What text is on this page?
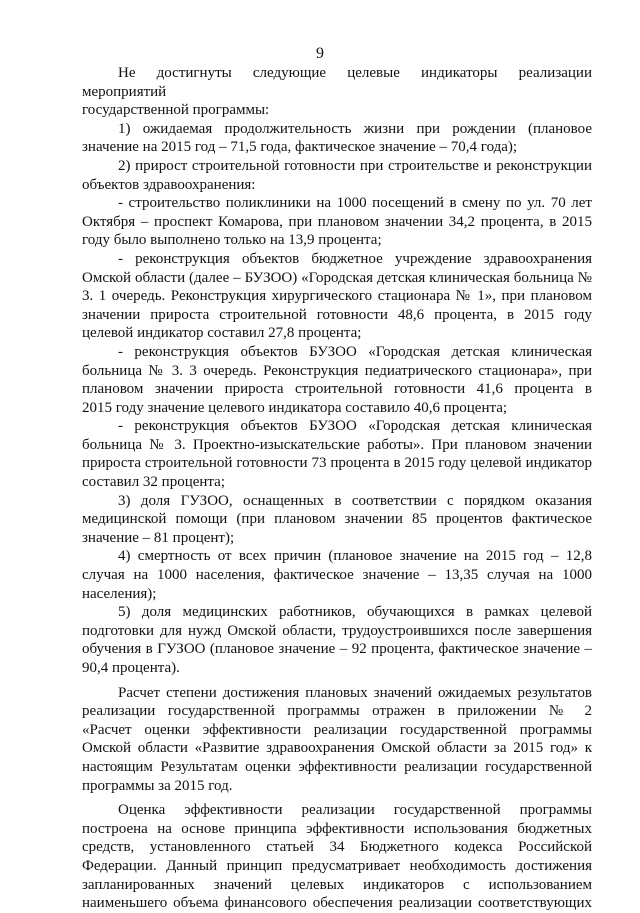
9
Не достигнуты следующие целевые индикаторы реализации мероприятий
государственной программы:
1) ожидаемая продолжительность жизни при рождении (плановое
значение на 2015 год – 71,5 года, фактическое значение – 70,4 года);
2) прирост строительной готовности при строительстве и реконструкции
объектов здравоохранения:
- строительство поликлиники на 1000 посещений в смену по ул. 70 лет
Октября – проспект Комарова, при плановом значении 34,2 процента, в 2015
году было выполнено только на 13,9 процента;
- реконструкция объектов бюджетное учреждение здравоохранения
Омской области (далее – БУЗОО) «Городская детская клиническая больница №
3. 1 очередь. Реконструкция хирургического стационара № 1», при плановом
значении прироста строительной готовности 48,6 процента, в 2015 году
целевой индикатор составил 27,8 процента;
- реконструкция объектов БУЗОО «Городская детская клиническая
больница № 3. 3 очередь. Реконструкция педиатрического стационара», при
плановом значении прироста строительной готовности 41,6 процента в
2015 году значение целевого индикатора составило 40,6 процента;
- реконструкция объектов БУЗОО «Городская детская клиническая
больница № 3. Проектно-изыскательские работы». При плановом значении
прироста строительной готовности 73 процента в 2015 году целевой индикатор
составил 32 процента;
3) доля ГУЗОО, оснащенных в соответствии с порядком оказания
медицинской помощи (при плановом значении 85 процентов фактическое
значение – 81 процент);
4) смертность от всех причин (плановое значение на 2015 год – 12,8
случая на 1000 населения, фактическое значение – 13,35 случая на 1000
населения);
5) доля медицинских работников, обучающихся в рамках целевой
подготовки для нужд Омской области, трудоустроившихся после завершения
обучения в ГУЗОО (плановое значение – 92 процента, фактическое значение –
90,4 процента).
Расчет степени достижения плановых значений ожидаемых результатов
реализации государственной программы отражен в приложении № 2
«Расчет оценки эффективности реализации государственной программы
Омской области «Развитие здравоохранения Омской области за 2015 год» к
настоящим Результатам оценки эффективности реализации государственной
программы за 2015 год.
Оценка эффективности реализации государственной программы
построена на основе принципа эффективности использования бюджетных
средств, установленного статьей 34 Бюджетного кодекса Российской
Федерации. Данный принцип предусматривает необходимость достижения
запланированных значений целевых индикаторов с использованием
наименьшего объема финансового обеспечения реализации соответствующих
